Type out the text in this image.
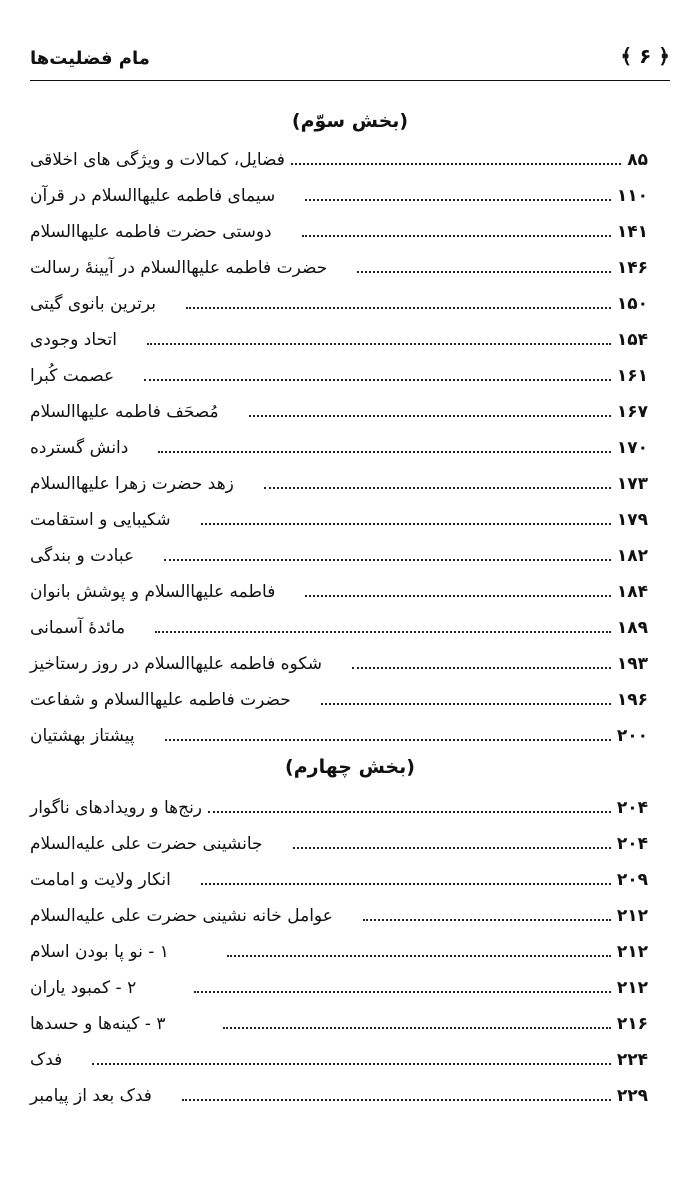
﴿ ۶ ﴾
مام فضلیت‌ها
(بخش سوّم)
فضایل، کمالات و ویژگی های اخلاقی	۸۵
سیمای فاطمه علیهاالسلام در قرآن	۱۱۰
دوستی حضرت فاطمه علیهاالسلام	۱۴۱
حضرت فاطمه علیهاالسلام در آیینهٔ رسالت	۱۴۶
برترین بانوی گیتی	۱۵۰
اتحاد وجودی	۱۵۴
عصمت کُبرا	۱۶۱
مُصحَف فاطمه علیهاالسلام	۱۶۷
دانش گسترده	۱۷۰
زهد حضرت زهرا علیهاالسلام	۱۷۳
شکیبایی و استقامت	۱۷۹
عبادت و بندگی	۱۸۲
فاطمه علیهاالسلام و پوشش بانوان	۱۸۴
مائدهٔ آسمانی	۱۸۹
شکوه فاطمه علیهاالسلام در روز رستاخیز	۱۹۳
حضرت فاطمه علیهاالسلام و شفاعت	۱۹۶
پیشتاز بهشتیان	۲۰۰
(بخش چهارم)
رنج‌ها و رویدادهای ناگوار	۲۰۴
جانشینی حضرت علی علیه‌السلام	۲۰۴
انکار ولایت و امامت	۲۰۹
عوامل خانه نشینی حضرت علی علیه‌السلام	۲۱۲
۱ - نو پا بودن اسلام	۲۱۲
۲ - کمبود یاران	۲۱۲
۳ - کینه‌ها و حسدها	۲۱۶
فدک	۲۲۴
فدک بعد از پیامبر	۲۲۹
